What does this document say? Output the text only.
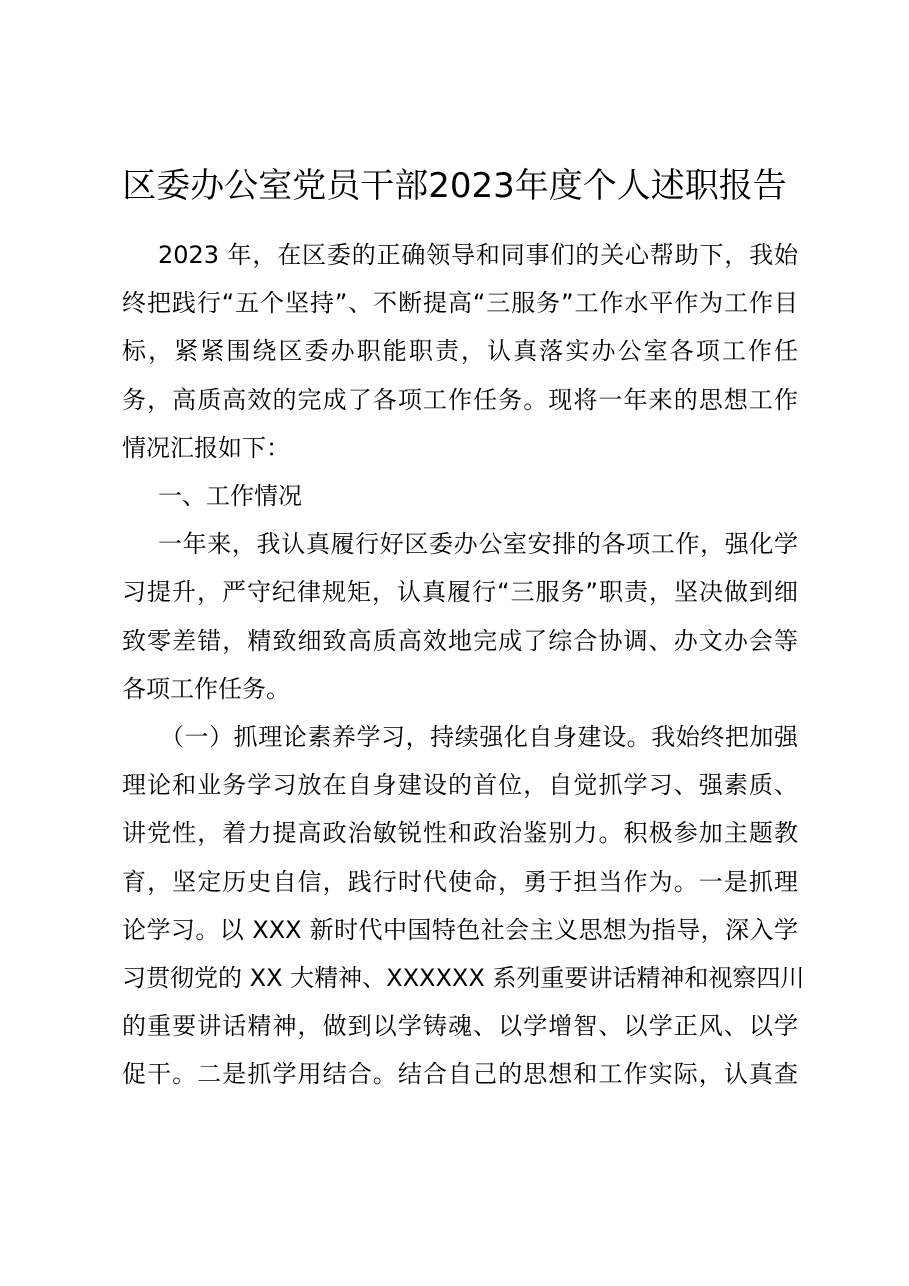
区委办公室党员干部2023年度个人述职报告
2023 年，在区委的正确领导和同事们的关心帮助下，我始
终把践行“五个坚持”、不断提高“三服务”工作水平作为工作目
标，紧紧围绕区委办职能职责，认真落实办公室各项工作任
务，高质高效的完成了各项工作任务。现将一年来的思想工作
情况汇报如下：
一、工作情况
一年来，我认真履行好区委办公室安排的各项工作，强化学
习提升，严守纪律规矩，认真履行“三服务”职责，坚决做到细
致零差错，精致细致高质高效地完成了综合协调、办文办会等
各项工作任务。
（一）抓理论素养学习，持续强化自身建设。我始终把加强
理论和业务学习放在自身建设的首位，自觉抓学习、强素质、
讲党性，着力提高政治敏锐性和政治鉴别力。积极参加主题教
育，坚定历史自信，践行时代使命，勇于担当作为。一是抓理
论学习。以 XXX 新时代中国特色社会主义思想为指导，深入学
习贯彻党的 XX 大精神、XXXXXX 系列重要讲话精神和视察四川
的重要讲话精神，做到以学铸魂、以学增智、以学正风、以学
促干。二是抓学用结合。结合自己的思想和工作实际，认真查
